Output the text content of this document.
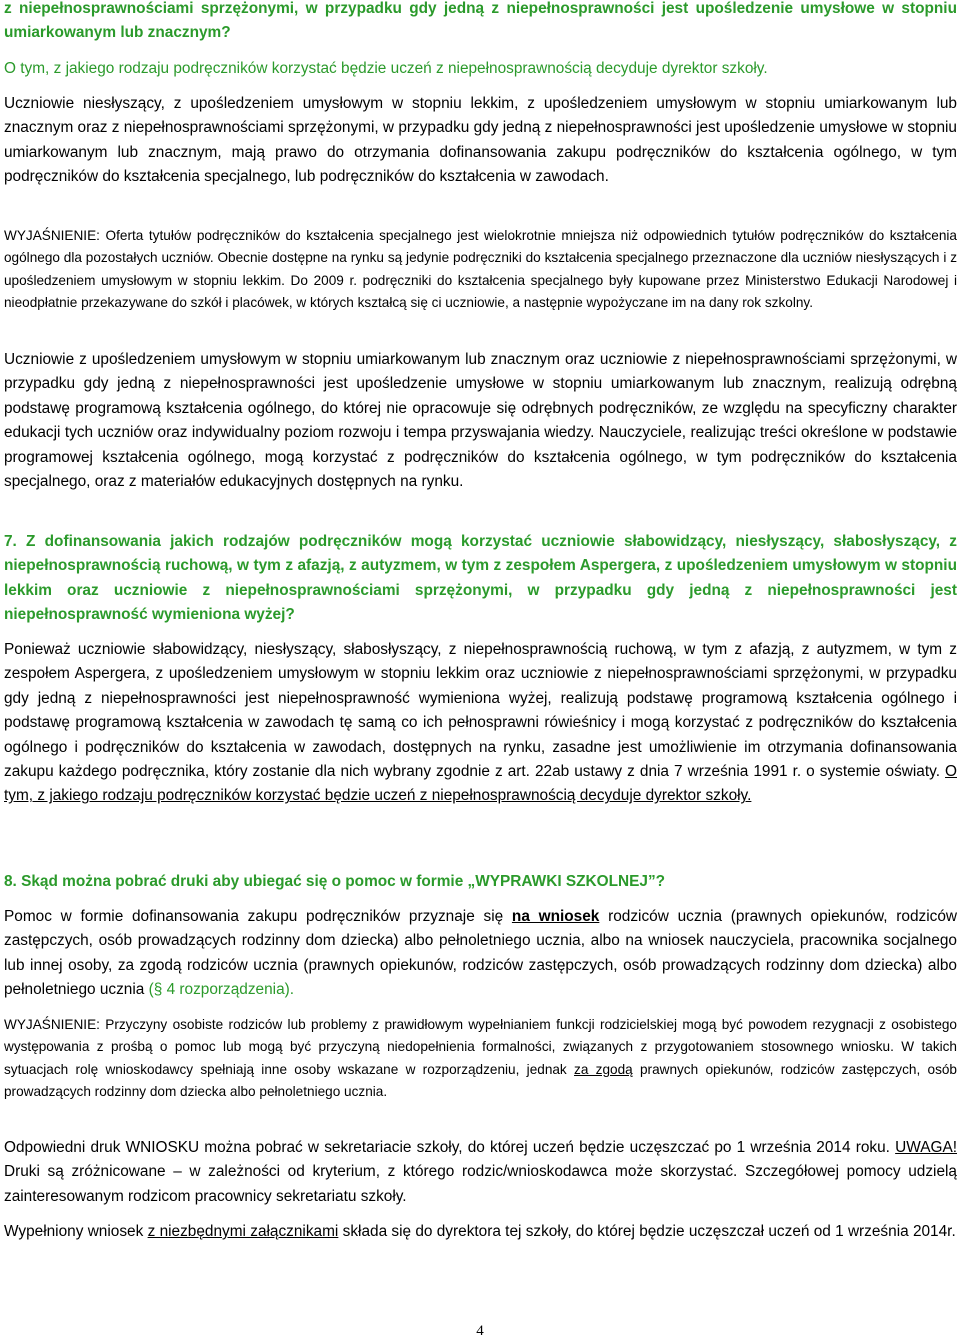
z niepełnosprawnościami sprzężonymi, w przypadku gdy jedną z niepełnosprawności jest upośledzenie umysłowe w stopniu umiarkowanym lub znacznym?

O tym, z jakiego rodzaju podręczników korzystać będzie uczeń z niepełnosprawnością decyduje dyrektor szkoły.

Uczniowie niesłyszący, z upośledzeniem umysłowym w stopniu lekkim, z upośledzeniem umysłowym w stopniu umiarkowanym lub znacznym oraz z niepełnosprawnościami sprzężonymi, w przypadku gdy jedną z niepełnosprawności jest upośledzenie umysłowe w stopniu umiarkowanym lub znacznym, mają prawo do otrzymania dofinansowania zakupu podręczników do kształcenia ogólnego, w tym podręczników do kształcenia specjalnego, lub podręczników do kształcenia w zawodach.

WYJAŚNIENIE: Oferta tytułów podręczników do kształcenia specjalnego jest wielokrotnie mniejsza niż odpowiednich tytułów podręczników do kształcenia ogólnego dla pozostałych uczniów. Obecnie dostępne na rynku są jedynie podręczniki do kształcenia specjalnego przeznaczone dla uczniów niesłyszących i z upośledzeniem umysłowym w stopniu lekkim. Do 2009 r. podręczniki do kształcenia specjalnego były kupowane przez Ministerstwo Edukacji Narodowej i nieodpłatnie przekazywane do szkół i placówek, w których kształcą się ci uczniowie, a następnie wypożyczane im na dany rok szkolny.

Uczniowie z upośledzeniem umysłowym w stopniu umiarkowanym lub znacznym oraz uczniowie z niepełnosprawnościami sprzężonymi, w przypadku gdy jedną z niepełnosprawności jest upośledzenie umysłowe w stopniu umiarkowanym lub znacznym, realizują odrębną podstawę programową kształcenia ogólnego, do której nie opracowuje się odrębnych podręczników, ze względu na specyficzny charakter edukacji tych uczniów oraz indywidualny poziom rozwoju i tempa przyswajania wiedzy. Nauczyciele, realizując treści określone w podstawie programowej kształcenia ogólnego, mogą korzystać z podręczników do kształcenia ogólnego, w tym podręczników do kształcenia specjalnego, oraz z materiałów edukacyjnych dostępnych na rynku.

7. Z dofinansowania jakich rodzajów podręczników mogą korzystać uczniowie słabowidzący, niesłyszący, słabosłyszący, z niepełnosprawnością ruchową, w tym z afazją, z autyzmem, w tym z zespołem Aspergera, z upośledzeniem umysłowym w stopniu lekkim oraz uczniowie z niepełnosprawnościami sprzężonymi, w przypadku gdy jedną z niepełnosprawności jest niepełnosprawność wymieniona wyżej?

Ponieważ uczniowie słabowidzący, niesłyszący, słabosłyszący, z niepełnosprawnością ruchową, w tym z afazją, z autyzmem, w tym z zespołem Aspergera, z upośledzeniem umysłowym w stopniu lekkim oraz uczniowie z niepełnosprawnościami sprzężonymi, w przypadku gdy jedną z niepełnosprawności jest niepełnosprawność wymieniona wyżej, realizują podstawę programową kształcenia ogólnego i podstawę programową kształcenia w zawodach tę samą co ich pełnosprawni rówieśnicy i mogą korzystać z podręczników do kształcenia ogólnego i podręczników do kształcenia w zawodach, dostępnych na rynku, zasadne jest umożliwienie im otrzymania dofinansowania zakupu każdego podręcznika, który zostanie dla nich wybrany zgodnie z art. 22ab ustawy z dnia 7 września 1991 r. o systemie oświaty. O tym, z jakiego rodzaju podręczników korzystać będzie uczeń z niepełnosprawnością decyduje dyrektor szkoły.

8. Skąd można pobrać druki aby ubiegać się o pomoc w formie „WYPRAWKI SZKOLNEJ”?

Pomoc w formie dofinansowania zakupu podręczników przyznaje się na wniosek rodziców ucznia (prawnych opiekunów, rodziców zastępczych, osób prowadzących rodzinny dom dziecka) albo pełnoletniego ucznia, albo na wniosek nauczyciela, pracownika socjalnego lub innej osoby, za zgodą rodziców ucznia (prawnych opiekunów, rodziców zastępczych, osób prowadzących rodzinny dom dziecka) albo pełnoletniego ucznia (§ 4 rozporządzenia).

WYJAŚNIENIE: Przyczyny osobiste rodziców lub problemy z prawidłowym wypełnianiem funkcji rodzicielskiej mogą być powodem rezygnacji z osobistego występowania z prośbą o pomoc lub mogą być przyczyną niedopełnienia formalności, związanych z przygotowaniem stosownego wniosku. W takich sytuacjach rolę wnioskodawcy spełniają inne osoby wskazane w rozporządzeniu, jednak za zgodą prawnych opiekunów, rodziców zastępczych, osób prowadzących rodzinny dom dziecka albo pełnoletniego ucznia.

Odpowiedni druk WNIOSKU można pobrać w sekretariacie szkoły, do której uczeń będzie uczęszczać po 1 września 2014 roku. UWAGA! Druki są zróżnicowane – w zależności od kryterium, z którego rodzic/wnioskodawca może skorzystać. Szczegółowej pomocy udzielą zainteresowanym rodzicom pracownicy sekretariatu szkoły.

Wypełniony wniosek z niezbędnymi załącznikami składa się do dyrektora tej szkoły, do której będzie uczęszczał uczeń od 1 września 2014r.

4
